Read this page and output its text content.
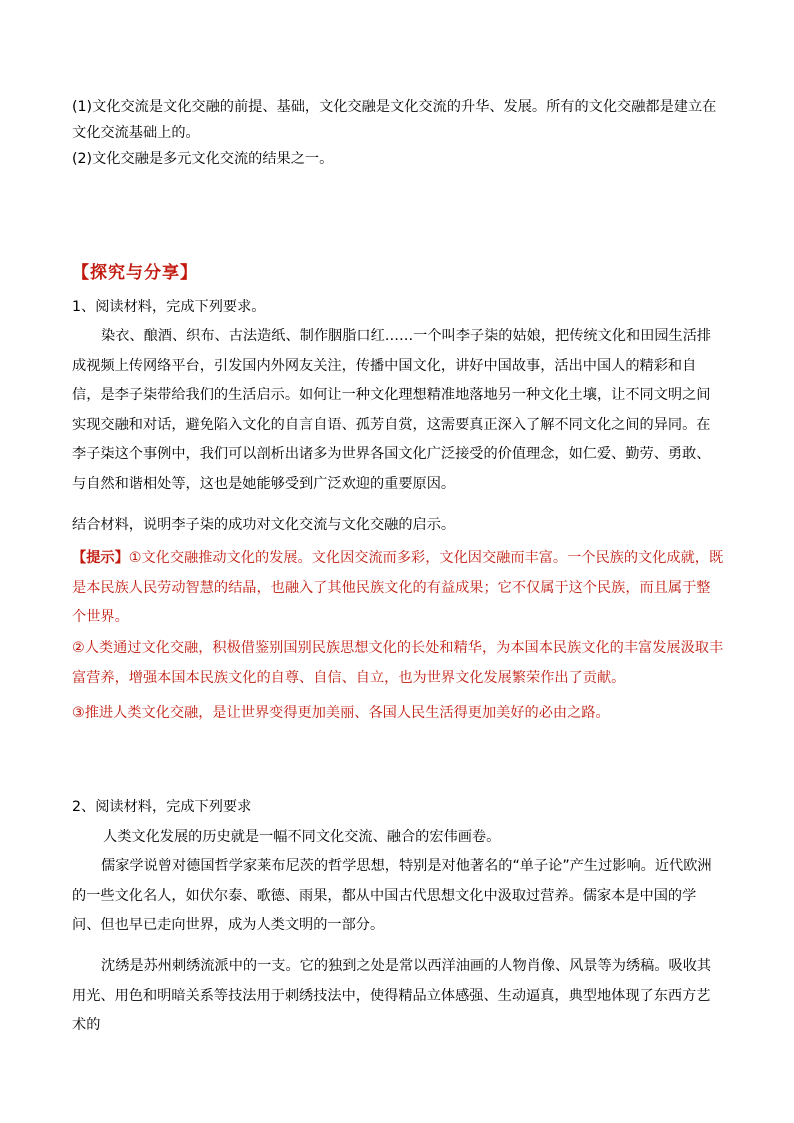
(1)文化交流是文化交融的前提、基础，文化交融是文化交流的升华、发展。所有的文化交融都是建立在文化交流基础上的。

(2)文化交融是多元文化交流的结果之一。

【探究与分享】

1、阅读材料，完成下列要求。

染衣、酿酒、织布、古法造纸、制作胭脂口红……一个叫李子柒的姑娘，把传统文化和田园生活排成视频上传网络平台，引发国内外网友关注，传播中国文化，讲好中国故事，活出中国人的精彩和自信，是李子柒带给我们的生活启示。如何让一种文化理想精准地落地另一种文化土壤，让不同文明之间实现交融和对话，避免陷入文化的自言自语、孤芳自赏，这需要真正深入了解不同文化之间的异同。在李子柒这个事例中，我们可以剖析出诸多为世界各国文化广泛接受的价值理念，如仁爱、勤劳、勇敢、与自然和谐相处等，这也是她能够受到广泛欢迎的重要原因。

结合材料，说明李子柒的成功对文化交流与文化交融的启示。

【提示】①文化交融推动文化的发展。文化因交流而多彩，文化因交融而丰富。一个民族的文化成就，既是本民族人民劳动智慧的结晶，也融入了其他民族文化的有益成果；它不仅属于这个民族，而且属于整个世界。

②人类通过文化交融，积极借鉴别国别民族思想文化的长处和精华，为本国本民族文化的丰富发展汲取丰富营养，增强本国本民族文化的自尊、自信、自立，也为世界文化发展繁荣作出了贡献。

③推进人类文化交融，是让世界变得更加美丽、各国人民生活得更加美好的必由之路。

2、阅读材料，完成下列要求

人类文化发展的历史就是一幅不同文化交流、融合的宏伟画卷。

儒家学说曾对德国哲学家莱布尼茨的哲学思想，特别是对他著名的“单子论”产生过影响。近代欧洲的一些文化名人，如伏尔泰、歌德、雨果，都从中国古代思想文化中汲取过营养。儒家本是中国的学问、但也早已走向世界，成为人类文明的一部分。

沈绣是苏州刺绣流派中的一支。它的独到之处是常以西洋油画的人物肖像、风景等为绣稿。吸收其用光、用色和明暗关系等技法用于刺绣技法中，使得精品立体感强、生动逼真，典型地体现了东西方艺术的
